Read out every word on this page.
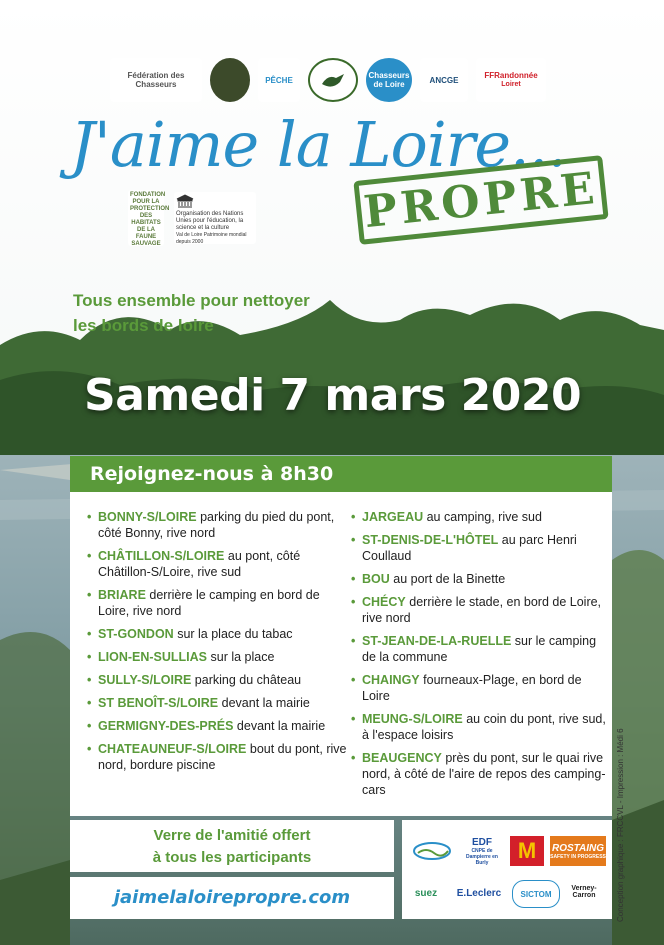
Fédération des Chasseurs	PÊCHE	Chasseurs de Loire	ANCGE	FFRandonnée
Loiret
J'aime la Loire...
PROPRE
FONDATION POUR LA PROTECTION DES HABITATS DE LA FAUNE SAUVAGE
Organisation des Nations Unies pour l'éducation, la science et la culture
Val de Loire Patrimoine mondial depuis 2000
Tous ensemble pour nettoyer
les bords de loire
Samedi 7 mars 2020
Rejoignez-nous à 8h30
• BONNY-S/LOIRE parking du pied du pont, côté Bonny, rive nord
• CHÂTILLON-S/LOIRE au pont, côté Châtillon-S/Loire, rive sud
• BRIARE derrière le camping en bord de Loire, rive nord
• ST-GONDON sur la place du tabac
• LION-EN-SULLIAS sur la place
• SULLY-S/LOIRE parking du château
• ST BENOÎT-S/LOIRE devant la mairie
• GERMIGNY-DES-PRÉS devant la mairie
• CHATEAUNEUF-S/LOIRE bout du pont, rive nord, bordure piscine
• JARGEAU au camping, rive sud
• ST-DENIS-DE-L'HÔTEL au parc Henri Coullaud
• BOU au port de la Binette
• CHÉCY derrière le stade, en bord de Loire, rive nord
• ST-JEAN-DE-LA-RUELLE sur le camping de la commune
• CHAINGY fourneaux-Plage, en bord de Loire
• MEUNG-S/LOIRE au coin du pont, rive sud, à l'espace loisirs
• BEAUGENCY près du pont, sur le quai rive nord, à côté de l'aire de repos des camping-cars
Verre de l'amitié offert
à tous les participants
jaimelaloirepropre.com
EDF
CNPE de Dampierre en Burly	M ROSTAING
SAFETY IN PROGRESS
suez E.Leclerc SICTOM
Verney-Carron	Conception graphique : FRCCVL - Impression : Médi 6
